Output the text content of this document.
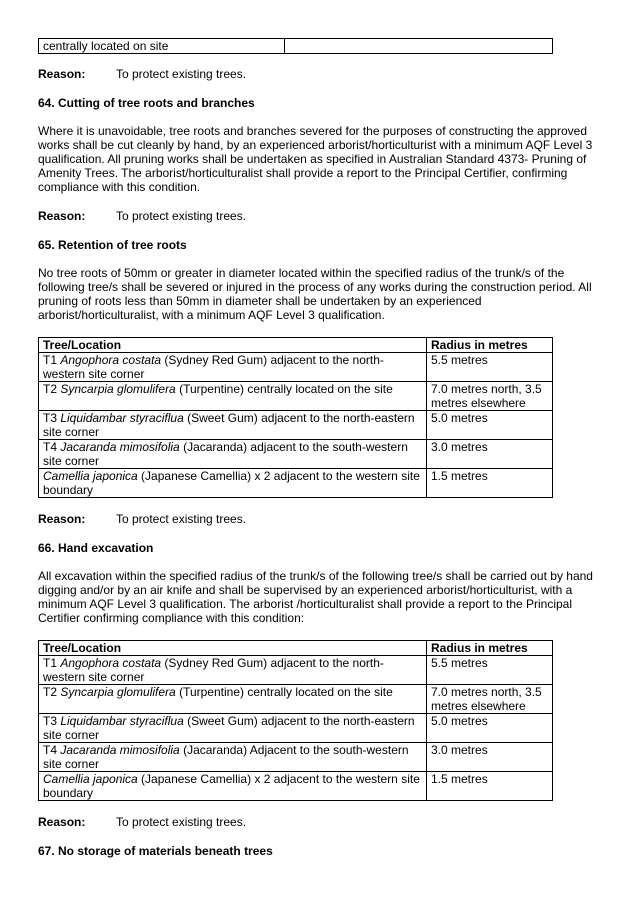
centrally located on site	
Reason:	To protect existing trees.
64. Cutting of tree roots and branches
Where it is unavoidable, tree roots and branches severed for the purposes of constructing the approved works shall be cut cleanly by hand, by an experienced arborist/horticulturist with a minimum AQF Level 3 qualification. All pruning works shall be undertaken as specified in Australian Standard 4373- Pruning of Amenity Trees. The arborist/horticulturalist shall provide a report to the Principal Certifier, confirming compliance with this condition.
Reason:	To protect existing trees.
65. Retention of tree roots
No tree roots of 50mm or greater in diameter located within the specified radius of the trunk/s of the following tree/s shall be severed or injured in the process of any works during the construction period. All pruning of roots less than 50mm in diameter shall be undertaken by an experienced arborist/horticulturalist, with a minimum AQF Level 3 qualification.
Tree/Location	Radius in metres
T1 Angophora costata (Sydney Red Gum) adjacent to the north-western site corner	5.5 metres
T2 Syncarpia glomulifera (Turpentine) centrally located on the site	7.0 metres north, 3.5 metres elsewhere
T3 Liquidambar styraciflua (Sweet Gum) adjacent to the north-eastern site corner	5.0 metres
T4 Jacaranda mimosifolia (Jacaranda) adjacent to the south-western site corner	3.0 metres
Camellia japonica (Japanese Camellia) x 2 adjacent to the western site boundary	1.5 metres
Reason:	To protect existing trees.
66. Hand excavation
All excavation within the specified radius of the trunk/s of the following tree/s shall be carried out by hand digging and/or by an air knife and shall be supervised by an experienced arborist/horticulturist, with a minimum AQF Level 3 qualification. The arborist /horticulturalist shall provide a report to the Principal Certifier confirming compliance with this condition:
Tree/Location	Radius in metres
T1 Angophora costata (Sydney Red Gum) adjacent to the north-western site corner	5.5 metres
T2 Syncarpia glomulifera (Turpentine) centrally located on the site	7.0 metres north, 3.5 metres elsewhere
T3 Liquidambar styraciflua (Sweet Gum) adjacent to the north-eastern site corner	5.0 metres
T4 Jacaranda mimosifolia (Jacaranda) Adjacent to the south-western site corner	3.0 metres
Camellia japonica (Japanese Camellia) x 2 adjacent to the western site boundary	1.5 metres
Reason:	To protect existing trees.
67. No storage of materials beneath trees
